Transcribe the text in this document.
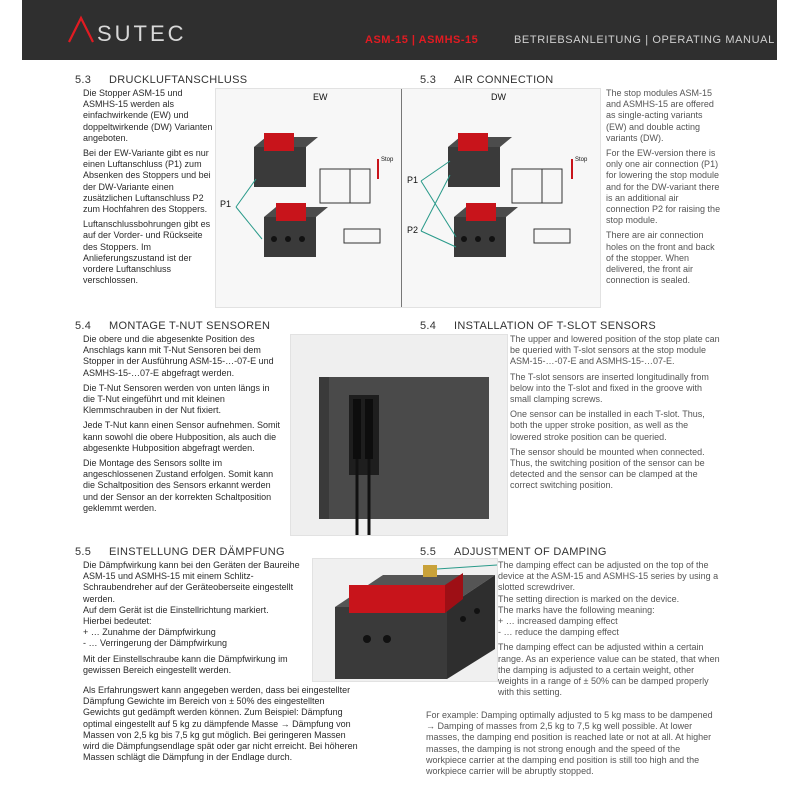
SUTEC	ASM-15 | ASMHS-15	BETRIEBSANLEITUNG | OPERATING MANUAL
5.3 DRUCKLUFTANSCHLUSS	5.3 AIR CONNECTION

Die Stopper ASM-15 und ASMHS-15 werden als einfachwirkende (EW) und doppeltwirkende (DW) Varianten angeboten.

Bei der EW-Variante gibt es nur einen Luftanschluss (P1) zum Absenken des Stoppers und bei der DW-Variante einen zusätzlichen Luftanschluss P2 zum Hochfahren des Stoppers.

Luftanschlussbohrungen gibt es auf der Vorder- und Rückseite des Stoppers. Im Anlieferungszustand ist der vordere Luftanschluss verschlossen.

EW	DW
P1
P1
P2
Stop	Stop

The stop modules ASM-15 and ASMHS-15 are offered as single-acting variants (EW) and double acting variants (DW).

For the EW-version there is only one air connection (P1) for lowering the stop module and for the DW-variant there is an additional air connection P2 for raising the stop module.

There are air connection holes on the front and back of the stopper. When delivered, the front air connection is sealed.

5.4 MONTAGE T-NUT SENSOREN	5.4 INSTALLATION OF T-SLOT SENSORS

Die obere und die abgesenkte Position des Anschlags kann mit T-Nut Sensoren bei dem Stopper in der Ausführung ASM-15-…-07-E und ASMHS-15-…07-E abgefragt werden.

Die T-Nut Sensoren werden von unten längs in die T-Nut eingeführt und mit kleinen Klemmschrauben in der Nut fixiert.

Jede T-Nut kann einen Sensor aufnehmen. Somit kann sowohl die obere Hubposition, als auch die abgesenkte Hubposition abgefragt werden.

Die Montage des Sensors sollte im angeschlossenen Zustand erfolgen. Somit kann die Schaltposition des Sensors erkannt werden und der Sensor an der korrekten Schaltposition geklemmt werden.

The upper and lowered position of the stop plate can be queried with T-slot sensors at the stop module ASM-15-…-07-E and ASMHS-15-…07-E.

The T-slot sensors are inserted longitudinally from below into the T-slot and fixed in the groove with small clamping screws.

One sensor can be installed in each T-slot. Thus, both the upper stroke position, as well as the lowered stroke position can be queried.

The sensor should be mounted when connected. Thus, the switching position of the sensor can be detected and the sensor can be clamped at the correct switching position.

5.5 EINSTELLUNG DER DÄMPFUNG	5.5 ADJUSTMENT OF DAMPING

Die Dämpfwirkung kann bei den Geräten der Baureihe ASM-15 und ASMHS-15 mit einem Schlitz-Schraubendreher auf der Geräteoberseite eingestellt werden.

Auf dem Gerät ist die Einstellrichtung markiert.

Hierbei bedeutet:

+ … Zunahme der Dämpfwirkung

- … Verringerung der Dämpfwirkung

Mit der Einstellschraube kann die Dämpfwirkung im gewissen Bereich eingestellt werden.

Als Erfahrungswert kann angegeben werden, dass bei eingestellter Dämpfung Gewichte im Bereich von ± 50% des eingestellten Gewichts gut gedämpft werden können. Zum Beispiel: Dämpfung optimal eingestellt auf 5 kg zu dämpfende Masse → Dämpfung von Massen von 2,5 kg bis 7,5 kg gut möglich. Bei geringeren Massen wird die Dämpfungsendlage spät oder gar nicht erreicht. Bei höheren Massen schlägt die Dämpfung in der Endlage durch.

The damping effect can be adjusted on the top of the device at the ASM-15 and ASMHS-15 series by using a slotted screwdriver.

The setting direction is marked on the device.

The marks have the following meaning:

+ … increased damping effect

- … reduce the damping effect

The damping effect can be adjusted within a certain range. As an experience value can be stated, that when the damping is adjusted to a certain weight, other weights in a range of ± 50% can be damped properly with this setting.

For example: Damping optimally adjusted to 5 kg mass to be dampened → Damping of masses from 2,5 kg to 7,5 kg well possible. At lower masses, the damping end position is reached late or not at all. At higher masses, the damping is not strong enough and the speed of the workpiece carrier at the damping end position is still too high and the workpiece carrier will be abruptly stopped.
